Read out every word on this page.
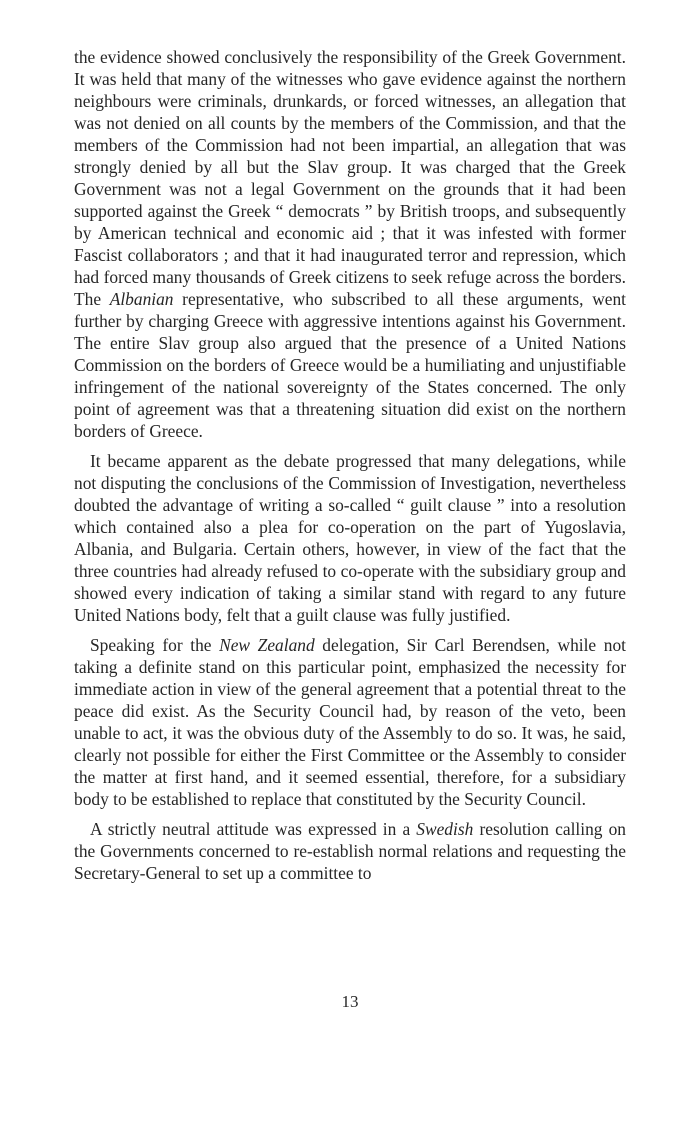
the evidence showed conclusively the responsibility of the Greek Government. It was held that many of the witnesses who gave evidence against the northern neighbours were criminals, drunkards, or forced witnesses, an allegation that was not denied on all counts by the members of the Commission, and that the members of the Commission had not been impartial, an allegation that was strongly denied by all but the Slav group. It was charged that the Greek Government was not a legal Government on the grounds that it had been supported against the Greek “ democrats ” by British troops, and subsequently by American technical and economic aid ; that it was infested with former Fascist collaborators ; and that it had inaugurated terror and repression, which had forced many thousands of Greek citizens to seek refuge across the borders. The Albanian representative, who subscribed to all these arguments, went further by charging Greece with aggressive intentions against his Government. The entire Slav group also argued that the presence of a United Nations Commission on the borders of Greece would be a humiliating and unjustifiable infringement of the national sovereignty of the States concerned. The only point of agreement was that a threatening situation did exist on the northern borders of Greece.

It became apparent as the debate progressed that many delegations, while not disputing the conclusions of the Commission of Investigation, nevertheless doubted the advantage of writing a so-called “ guilt clause ” into a resolution which contained also a plea for co-operation on the part of Yugoslavia, Albania, and Bulgaria. Certain others, however, in view of the fact that the three countries had already refused to co-operate with the subsidiary group and showed every indication of taking a similar stand with regard to any future United Nations body, felt that a guilt clause was fully justified.

Speaking for the New Zealand delegation, Sir Carl Berendsen, while not taking a definite stand on this particular point, emphasized the necessity for immediate action in view of the general agreement that a potential threat to the peace did exist. As the Security Council had, by reason of the veto, been unable to act, it was the obvious duty of the Assembly to do so. It was, he said, clearly not possible for either the First Committee or the Assembly to consider the matter at first hand, and it seemed essential, therefore, for a subsidiary body to be established to replace that constituted by the Security Council.

A strictly neutral attitude was expressed in a Swedish resolution calling on the Governments concerned to re-establish normal relations and requesting the Secretary-General to set up a committee to

13
